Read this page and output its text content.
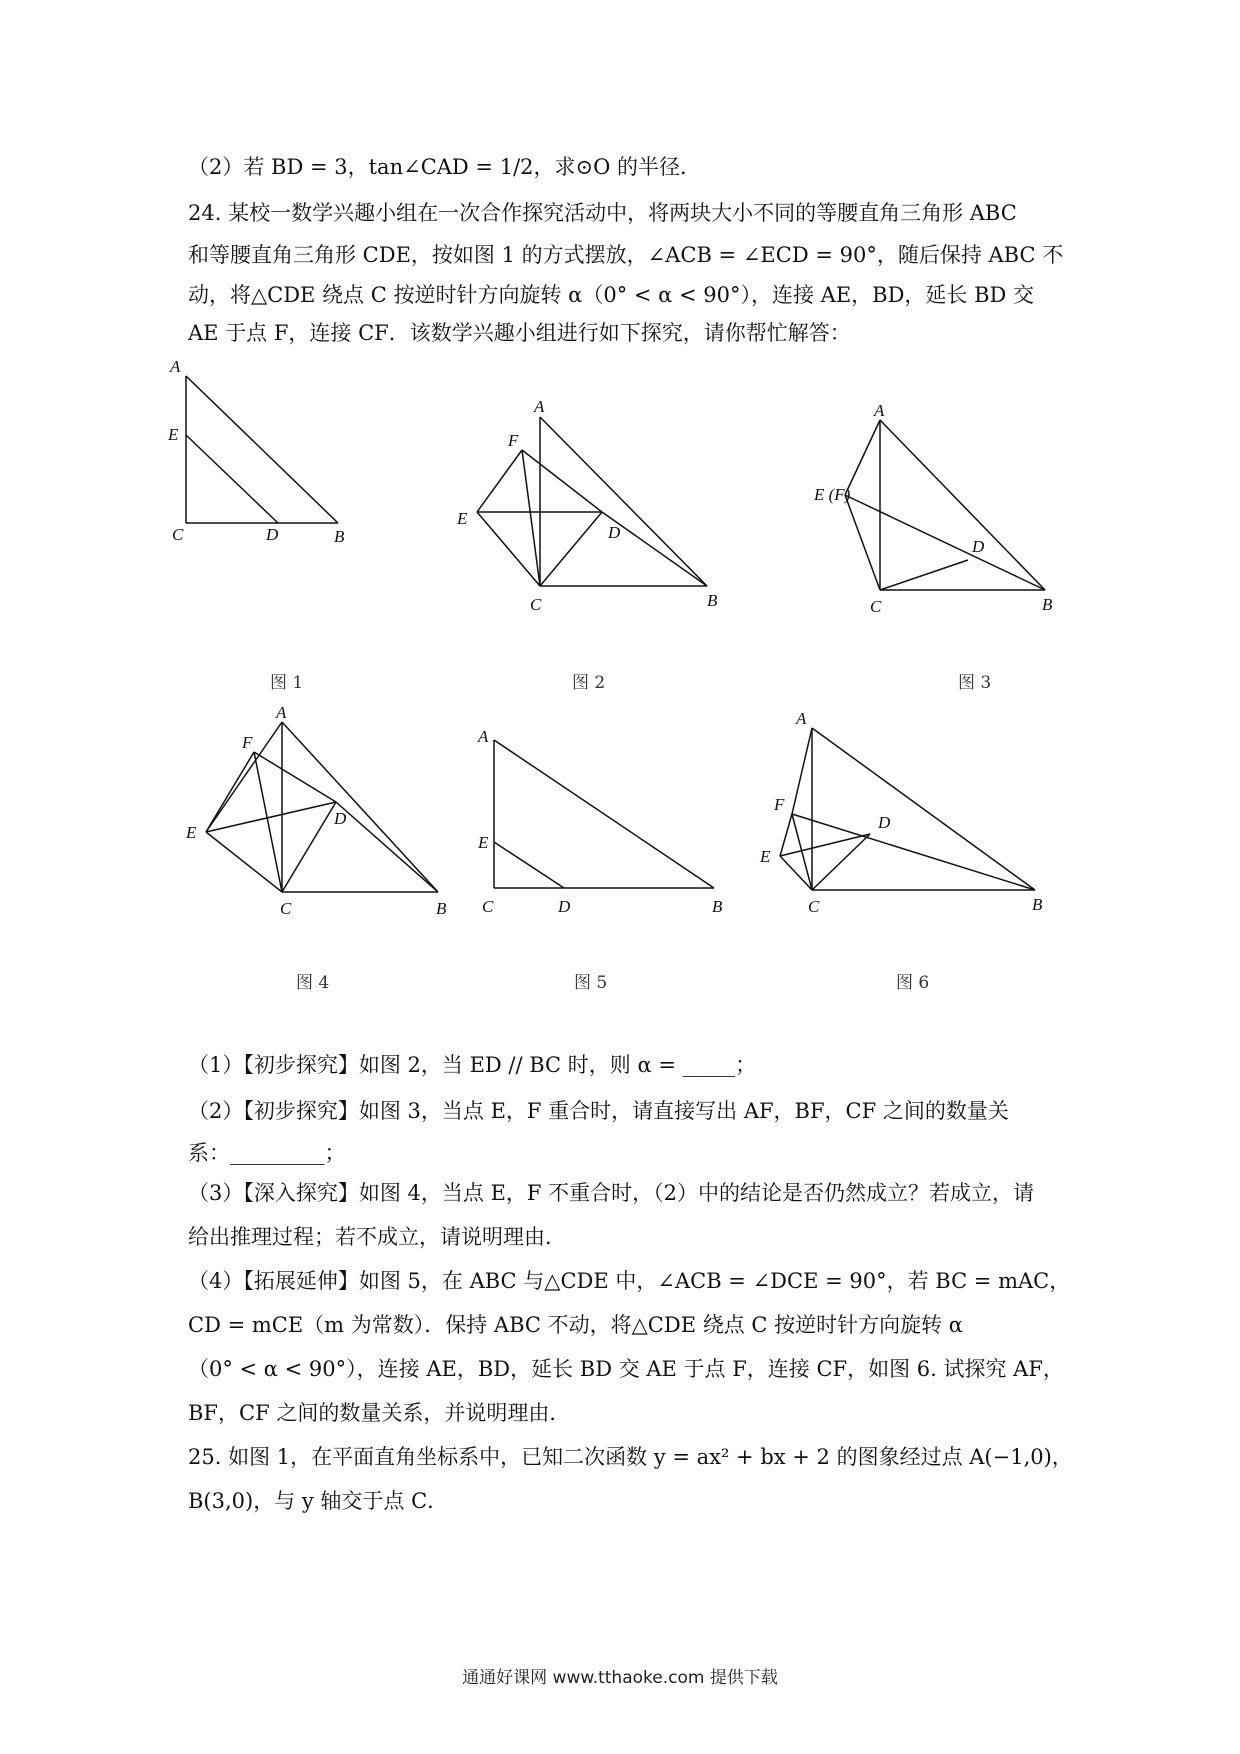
（2）若 BD = 3，tan∠CAD = 1/2，求⊙O 的半径．
24. 某校一数学兴趣小组在一次合作探究活动中，将两块大小不同的等腰直角三角形 ABC
和等腰直角三角形 CDE，按如图 1 的方式摆放，∠ACB = ∠ECD = 90°，随后保持 ABC 不
动，将△CDE 绕点 C 按逆时针方向旋转 α（0° < α < 90°），连接 AE，BD，延长 BD 交
AE 于点 F，连接 CF．该数学兴趣小组进行如下探究，请你帮忙解答：
A
E
C	D	B
图 1
A
F
E
D
C	B
图 2
A
E (F)
D
C	B
图 3
A
F
E
D
C	B
图 4
A
E
C	D	B
图 5
A
F
D
E
C	B
图 6
（1）【初步探究】如图 2，当 ED // BC 时，则 α = _____；
（2）【初步探究】如图 3，当点 E，F 重合时，请直接写出 AF，BF，CF 之间的数量关
系：_________；
（3）【深入探究】如图 4，当点 E，F 不重合时，（2）中的结论是否仍然成立？若成立，请
给出推理过程；若不成立，请说明理由．
（4）【拓展延伸】如图 5，在 ABC 与△CDE 中，∠ACB = ∠DCE = 90°，若 BC = mAC，
CD = mCE（m 为常数）．保持 ABC 不动，将△CDE 绕点 C 按逆时针方向旋转 α
（0° < α < 90°），连接 AE，BD，延长 BD 交 AE 于点 F，连接 CF，如图 6. 试探究 AF，
BF，CF 之间的数量关系，并说明理由．
25. 如图 1，在平面直角坐标系中，已知二次函数 y = ax² + bx + 2 的图象经过点 A(−1,0)，
B(3,0)，与 y 轴交于点 C．
通通好课网 www.tthaoke.com 提供下载
